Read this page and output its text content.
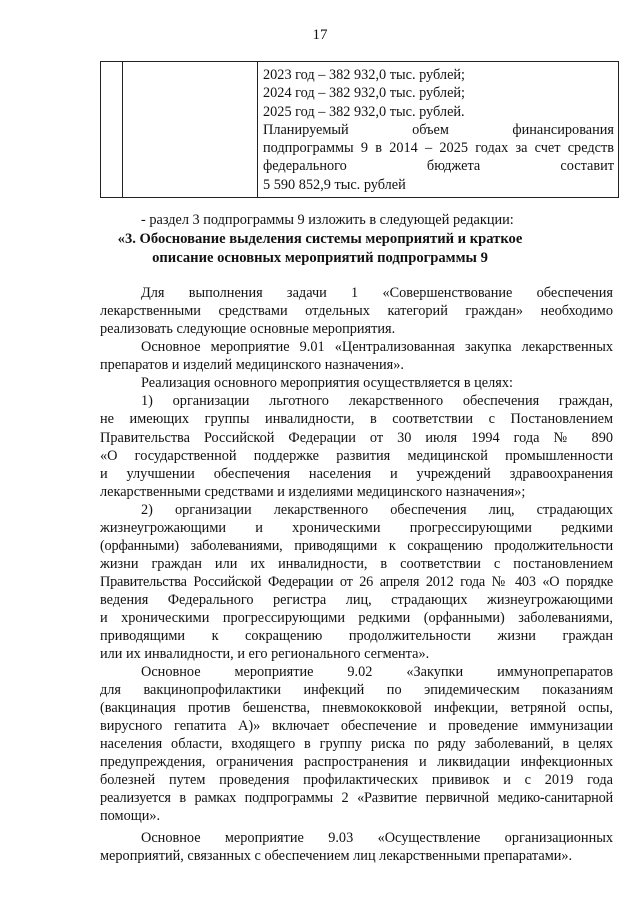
17

2023 год – 382 932,0 тыс. рублей;
2024 год – 382 932,0 тыс. рублей;
2025 год – 382 932,0 тыс. рублей.
Планируемый объем финансирования
подпрограммы 9 в 2014 – 2025 годах за счет средств
федерального бюджета составит
5 590 852,9 тыс. рублей
- раздел 3 подпрограммы 9 изложить в следующей редакции:
«3. Обоснование выделения системы мероприятий и краткое
описание основных мероприятий подпрограммы 9
Для выполнения задачи 1 «Совершенствование обеспечения
лекарственными средствами отдельных категорий граждан» необходимо
реализовать следующие основные мероприятия.
Основное мероприятие 9.01 «Централизованная закупка лекарственных
препаратов и изделий медицинского назначения».
Реализация основного мероприятия осуществляется в целях:
1) организации льготного лекарственного обеспечения граждан,
не имеющих группы инвалидности, в соответствии с Постановлением
Правительства Российской Федерации от 30 июля 1994 года № 890
«О государственной поддержке развития медицинской промышленности
и улучшении обеспечения населения и учреждений здравоохранения
лекарственными средствами и изделиями медицинского назначения»;
2) организации лекарственного обеспечения лиц, страдающих
жизнеугрожающими и хроническими прогрессирующими редкими
(орфанными) заболеваниями, приводящими к сокращению продолжительности
жизни граждан или их инвалидности, в соответствии с постановлением
Правительства Российской Федерации от 26 апреля 2012 года № 403 «О порядке
ведения Федерального регистра лиц, страдающих жизнеугрожающими
и хроническими прогрессирующими редкими (орфанными) заболеваниями,
приводящими к сокращению продолжительности жизни граждан
или их инвалидности, и его регионального сегмента».
Основное мероприятие 9.02 «Закупки иммунопрепаратов
для вакцинопрофилактики инфекций по эпидемическим показаниям
(вакцинация против бешенства, пневмококковой инфекции, ветряной оспы,
вирусного гепатита А)» включает обеспечение и проведение иммунизации
населения области, входящего в группу риска по ряду заболеваний, в целях
предупреждения, ограничения распространения и ликвидации инфекционных
болезней путем проведения профилактических прививок и с 2019 года
реализуется в рамках подпрограммы 2 «Развитие первичной медико-санитарной
помощи».
Основное мероприятие 9.03 «Осуществление организационных
мероприятий, связанных с обеспечением лиц лекарственными препаратами».
